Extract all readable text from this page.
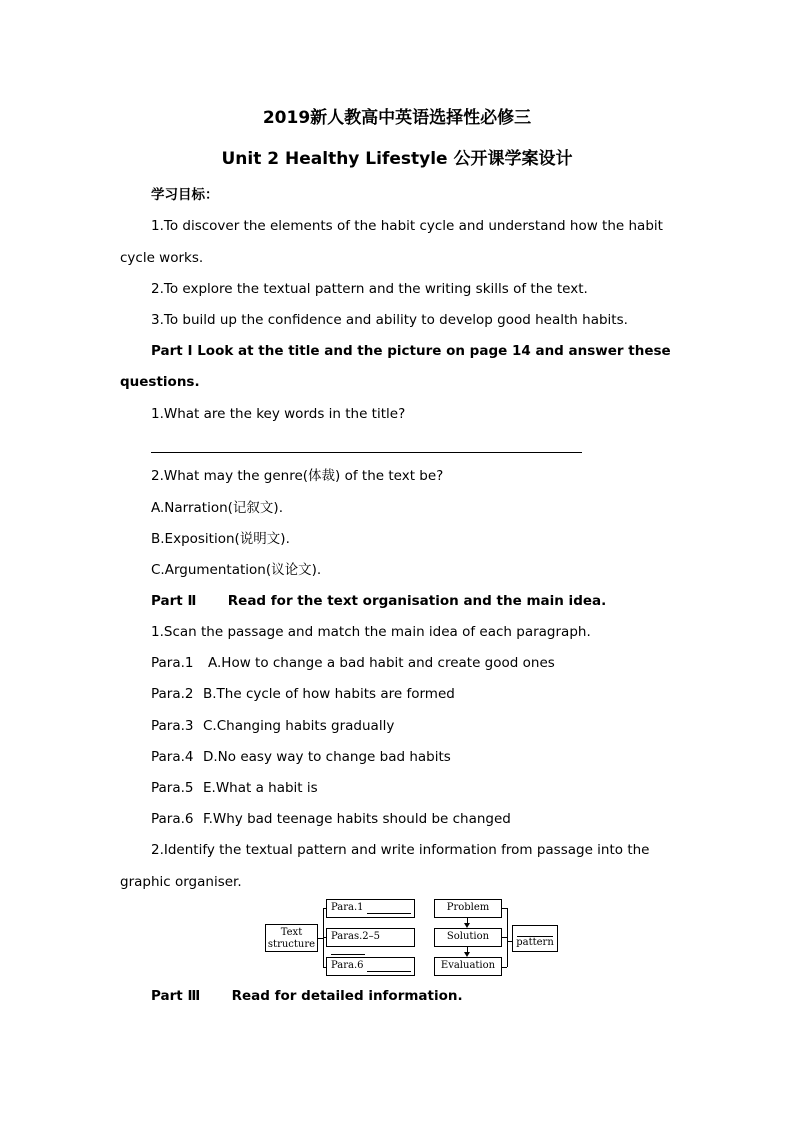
2019新人教高中英语选择性必修三
Unit 2 Healthy Lifestyle 公开课学案设计
学习目标：
1.To discover the elements of the habit cycle and understand how the habit
cycle works.
2.To explore the textual pattern and the writing skills of the text.
3.To build up the confidence and ability to develop good health habits.
Part Ⅰ Look at the title and the picture on page 14 and answer these
questions.
1.What are the key words in the title?
2.What may the genre(体裁) of the text be?
A.Narration(记叙文).
B.Exposition(说明文).
C.Argumentation(议论文).
Part Ⅱ Read for the text organisation and the main idea.
1.Scan the passage and match the main idea of each paragraph.
Para.1 A.How to change a bad habit and create good ones
Para.2 B.The cycle of how habits are formed
Para.3 C.Changing habits gradually
Para.4 D.No easy way to change bad habits
Para.5 E.What a habit is
Para.6 F.Why bad teenage habits should be changed
2.Identify the textual pattern and write information from passage into the
graphic organiser.
Text
structure
Para.1
Paras.2–5
Para.6
Problem
Solution
Evaluation
pattern
Part Ⅲ Read for detailed information.
